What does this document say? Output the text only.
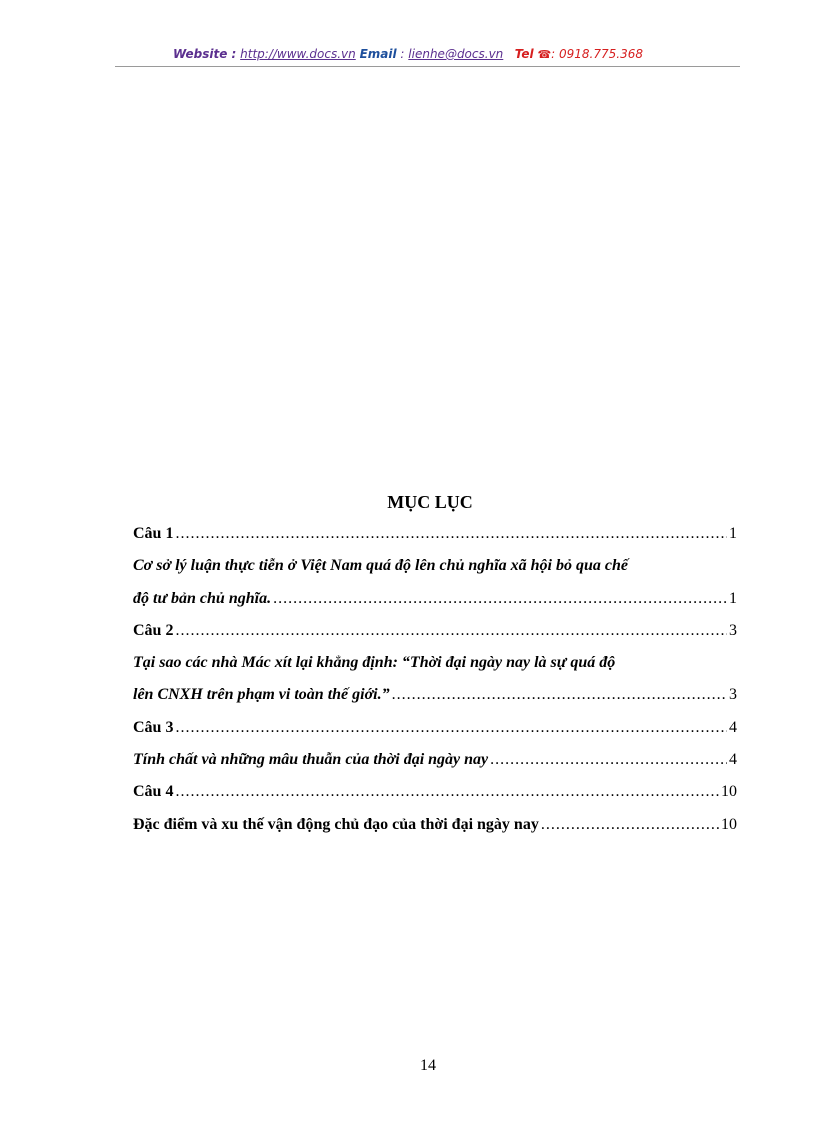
Website : http://www.docs.vn Email : lienhe@docs.vn Tel ☎: 0918.775.368
MỤC LỤC
Câu 1 .....	1
Cơ sở lý luận thực tiễn ở Việt Nam quá độ lên chủ nghĩa xã hội bỏ qua chế
độ tư bản chủ nghĩa. .....	1
Câu 2 .....	3
Tại sao các nhà Mác xít lại khẳng định: “Thời đại ngày nay là sự quá độ
lên CNXH trên phạm vi toàn thế giới.” .....	3
Câu 3 .....	4
Tính chất và những mâu thuẫn của thời đại ngày nay .....	4
Câu 4 .....	10
Đặc điểm và xu thế vận động chủ đạo của thời đại ngày nay .....	10
14
